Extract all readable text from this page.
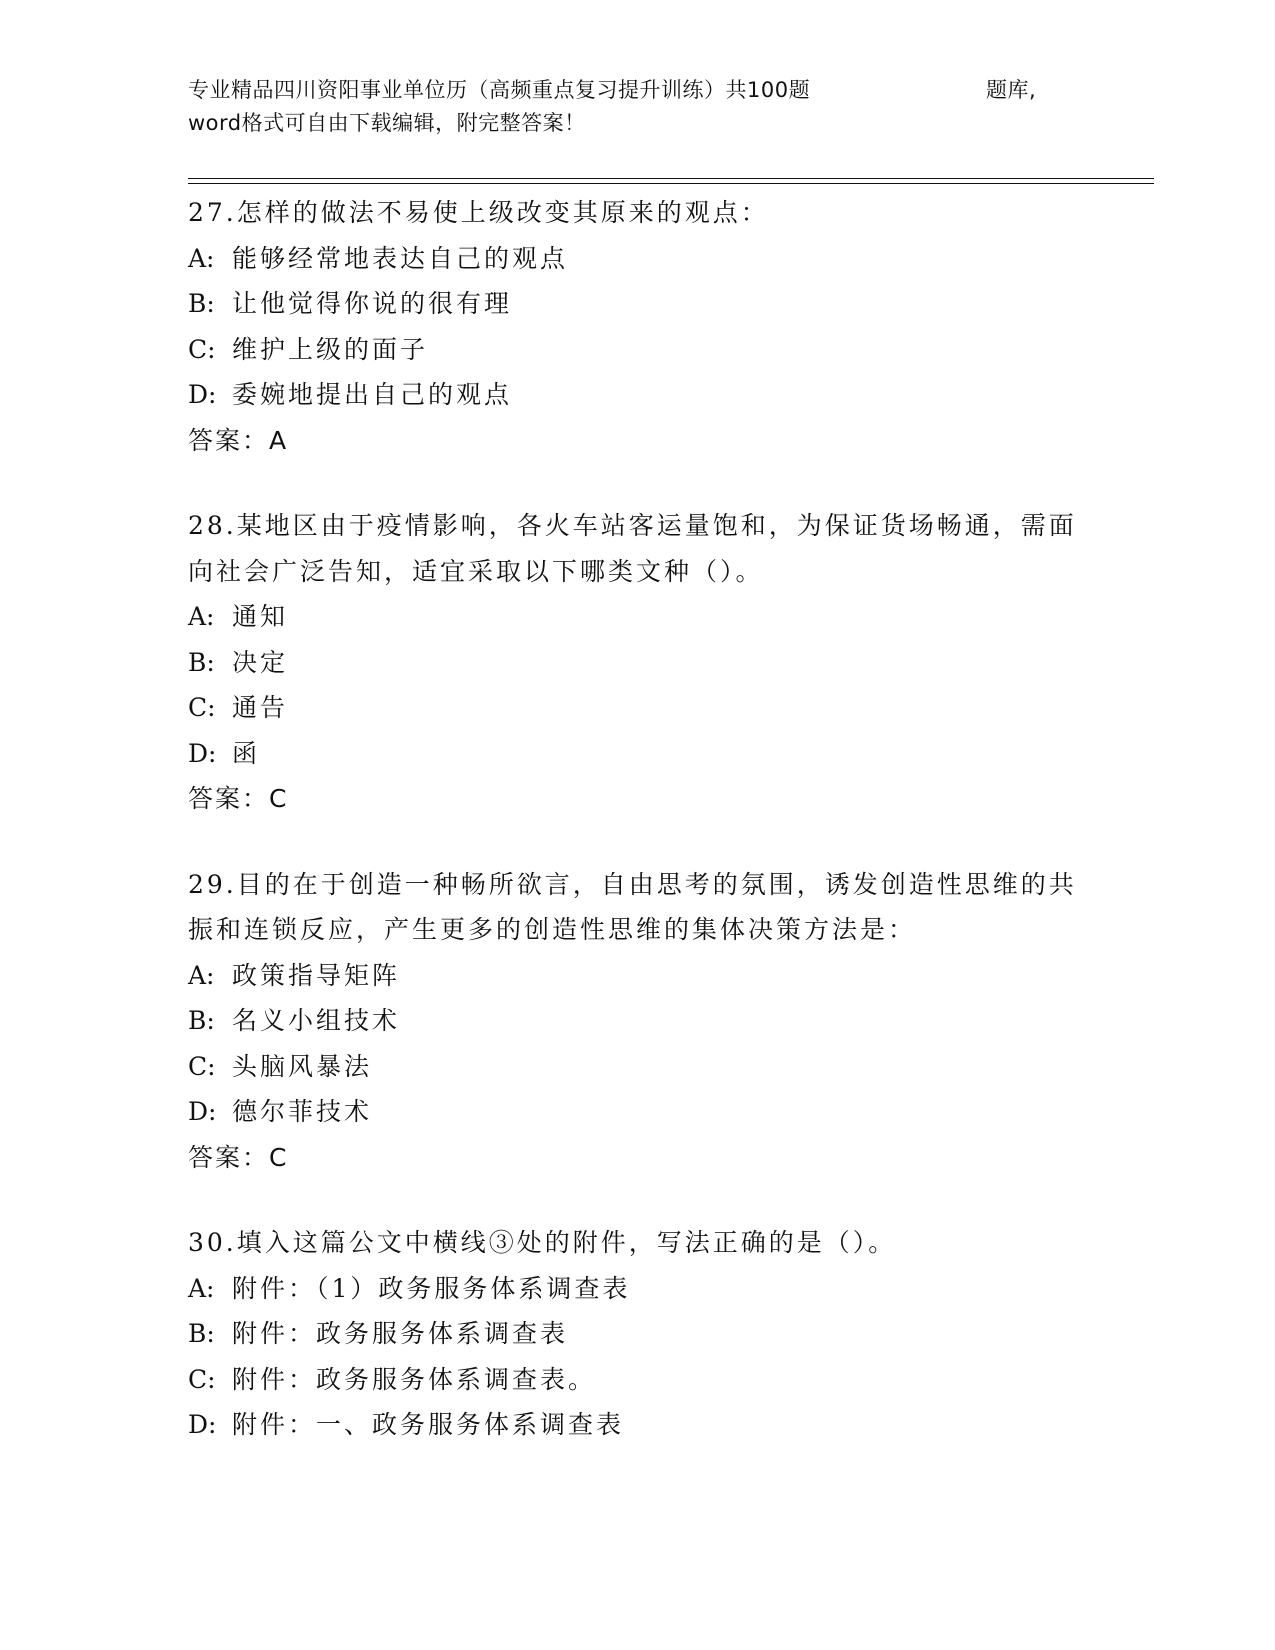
专业精品四川资阳事业单位历（高频重点复习提升训练）共100题	题库,
word格式可自由下载编辑，附完整答案！
27.怎样的做法不易使上级改变其原来的观点：
A: 能够经常地表达自己的观点
B: 让他觉得你说的很有理
C: 维护上级的面子
D: 委婉地提出自己的观点
答案：A
28.某地区由于疫情影响，各火车站客运量饱和，为保证货场畅通，需面向社会广泛告知，适宜采取以下哪类文种（）。
A: 通知
B: 决定
C: 通告
D: 函
答案：C
29.目的在于创造一种畅所欲言，自由思考的氛围，诱发创造性思维的共振和连锁反应，产生更多的创造性思维的集体决策方法是：
A: 政策指导矩阵
B: 名义小组技术
C: 头脑风暴法
D: 德尔菲技术
答案：C
30.填入这篇公文中横线③处的附件，写法正确的是（）。
A: 附件：（1）政务服务体系调查表
B: 附件：政务服务体系调查表
C: 附件：政务服务体系调查表。
D: 附件：一、政务服务体系调查表
